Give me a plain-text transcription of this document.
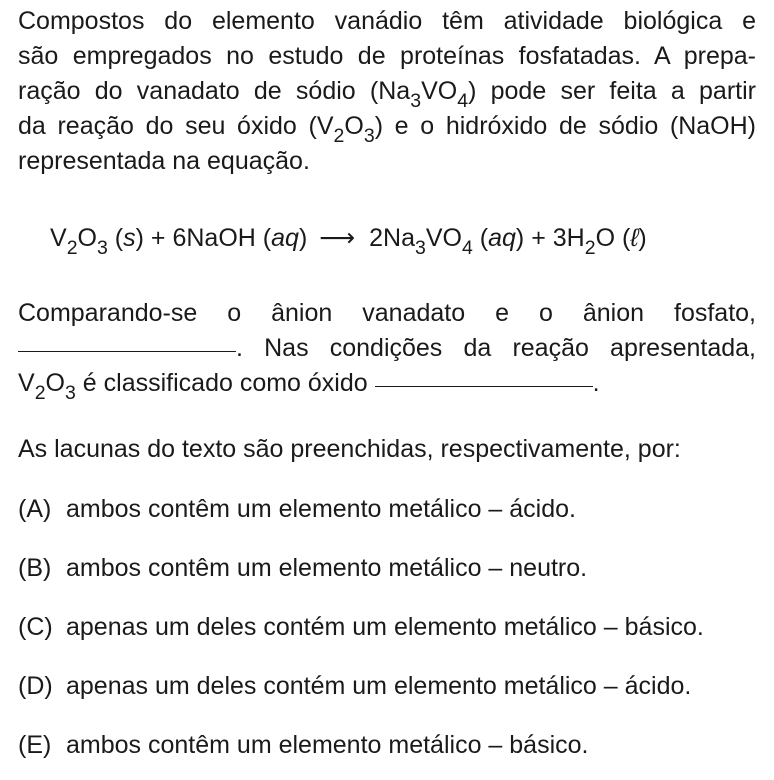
Compostos do elemento vanádio têm atividade biológica e
são empregados no estudo de proteínas fosfatadas. A prepa-
ração do vanadato de sódio $(Na_3VO_4)$ pode ser feita a partir
da reação do seu óxido $(V_2O_3)$ e o hidróxido de sódio (NaOH)
representada na equação.
$V_2O_3$ (s) + 6NaOH (aq) ⟶ $2Na_3VO_4$ $(aq) + 3H_2O$ (ℓ)
Comparando-se o ânion vanadato e o ânion fosfato,
. Nas condições da reação apresentada,
$V_2O_3$ é classificado como óxido	.
As lacunas do texto são preenchidas, respectivamente, por:
(A) ambos contêm um elemento metálico – ácido.
(B) ambos contêm um elemento metálico – neutro.
(C) apenas um deles contém um elemento metálico – básico.
(D) apenas um deles contém um elemento metálico – ácido.
(E) ambos contêm um elemento metálico – básico.
